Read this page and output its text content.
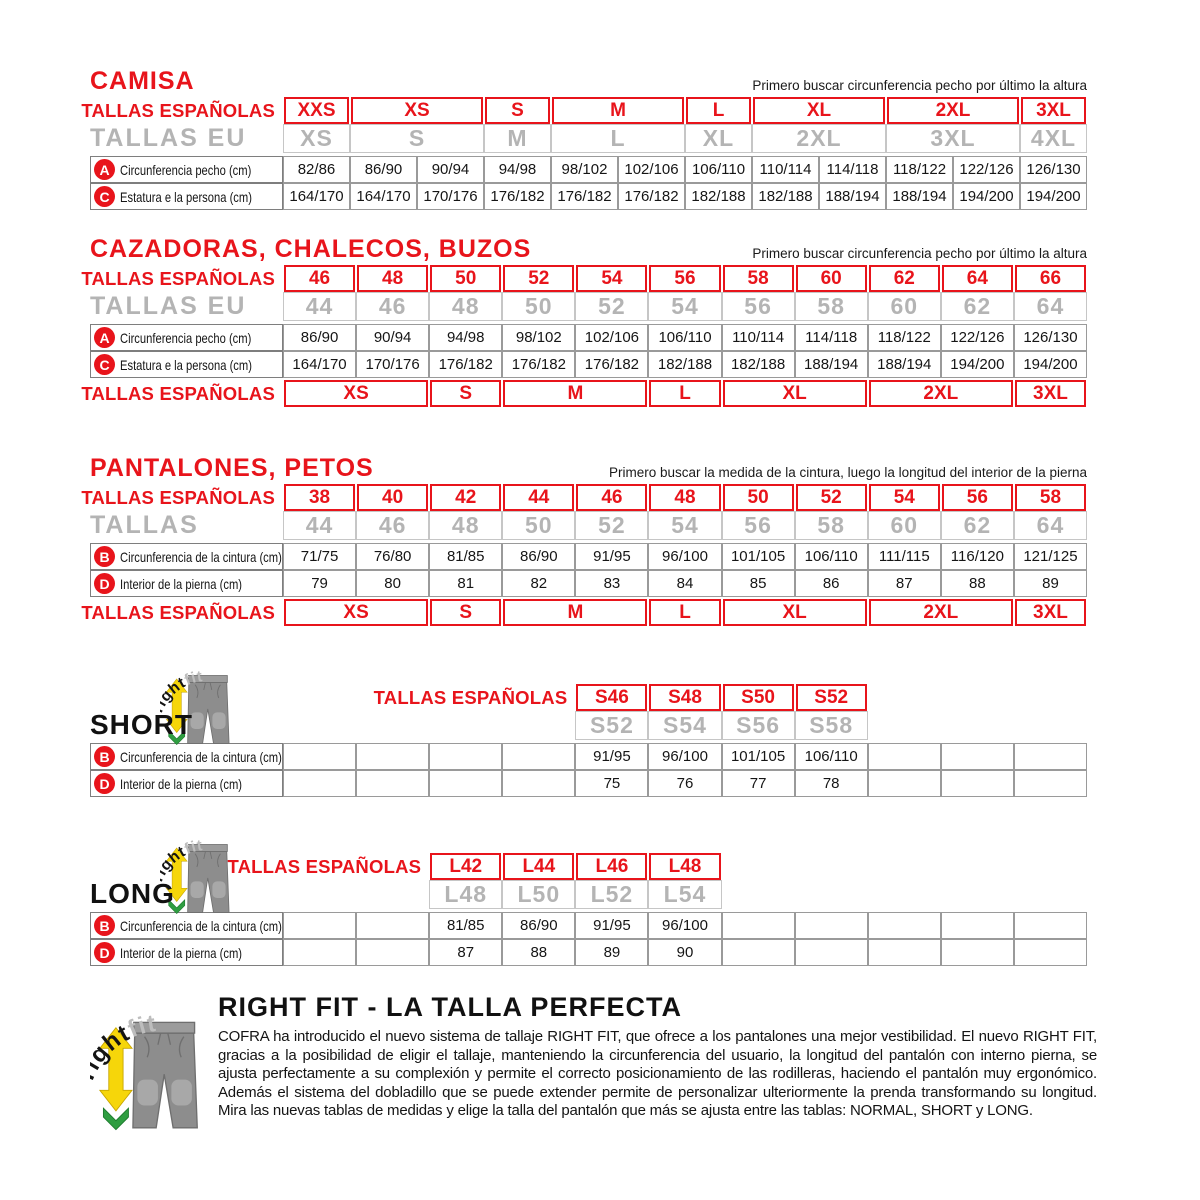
CAMISA	Primero buscar circunferencia pecho por último la altura
TALLAS ESPAÑOLAS	XXS	XS	S	M	L	XL	2XL	3XL
TALLAS EU	XS	S	M	L	XL	2XL	3XL	4XL
A Circunferencia pecho (cm)	82/86	86/90	90/94	94/98	98/102	102/106 106/110 110/114	114/118 118/122 122/126 126/130
C Estatura e la persona (cm)	164/170 164/170 170/176 176/182 176/182 176/182 182/188 182/188 188/194 188/194 194/200 194/200
CAZADORAS, CHALECOS, BUZOS	Primero buscar circunferencia pecho por último la altura
TALLAS ESPAÑOLAS	46	48	50	52	54	56	58	60	62	64	66
TALLAS EU	44	46	48	50	52	54	56	58	60	62	64
A Circunferencia pecho (cm)	86/90	90/94	94/98	98/102	102/106	106/110	110/114	114/118	118/122	122/126	126/130
C Estatura e la persona (cm)	164/170	170/176	176/182	176/182	176/182	182/188	182/188	188/194	188/194	194/200	194/200
TALLAS ESPAÑOLAS	XS	S	M	L	XL	2XL	3XL
PANTALONES, PETOS	Primero buscar la medida de la cintura, luego la longitud del interior de la pierna
TALLAS ESPAÑOLAS	38	40	42	44	46	48	50	52	54	56	58
TALLAS	44	46	48	50	52	54	56	58	60	62	64
B Circunferencia de la cintura (cm)	71/75	76/80	81/85	86/90	91/95	96/100	101/105	106/110	111/115	116/120	121/125
D Interior de la pierna (cm)	79	80	81	82	83	84	85	86	87	88	89
TALLAS ESPAÑOLAS	XS	S	M	L	XL	2XL	3XL
SHORT
TALLAS ESPAÑOLAS	S46	S48	S50	S52
S52	S54	S56	S58
B Circunferencia de la cintura (cm)	91/95	96/100	101/105	106/110
D Interior de la pierna (cm)	75	76	77	78
LONG
TALLAS ESPAÑOLAS	L42	L44	L46	L48
L48	L50	L52	L54
B Circunferencia de la cintura (cm)	81/85	86/90	91/95	96/100
D Interior de la pierna (cm)	87	88	89	90
RIGHT FIT - LA TALLA PERFECTA

COFRA ha introducido el nuevo sistema de tallaje RIGHT FIT, que ofrece a los pantalones una mejor vestibilidad. El nuevo RIGHT FIT, gracias a la posibilidad de eligir el tallaje, manteniendo la circunferencia del usuario, la longitud del pantalón con interno pierna, se ajusta perfectamente a su complexión y permite el correcto posicionamiento de las rodilleras, haciendo el pantalón muy ergonómico. Además el sistema del dobladillo que se puede extender permite de personalizar ulteriormente la prenda transformando su longitud. Mira las nuevas tablas de medidas y elige la talla del pantalón que más se ajusta entre las tablas: NORMAL, SHORT y LONG.
